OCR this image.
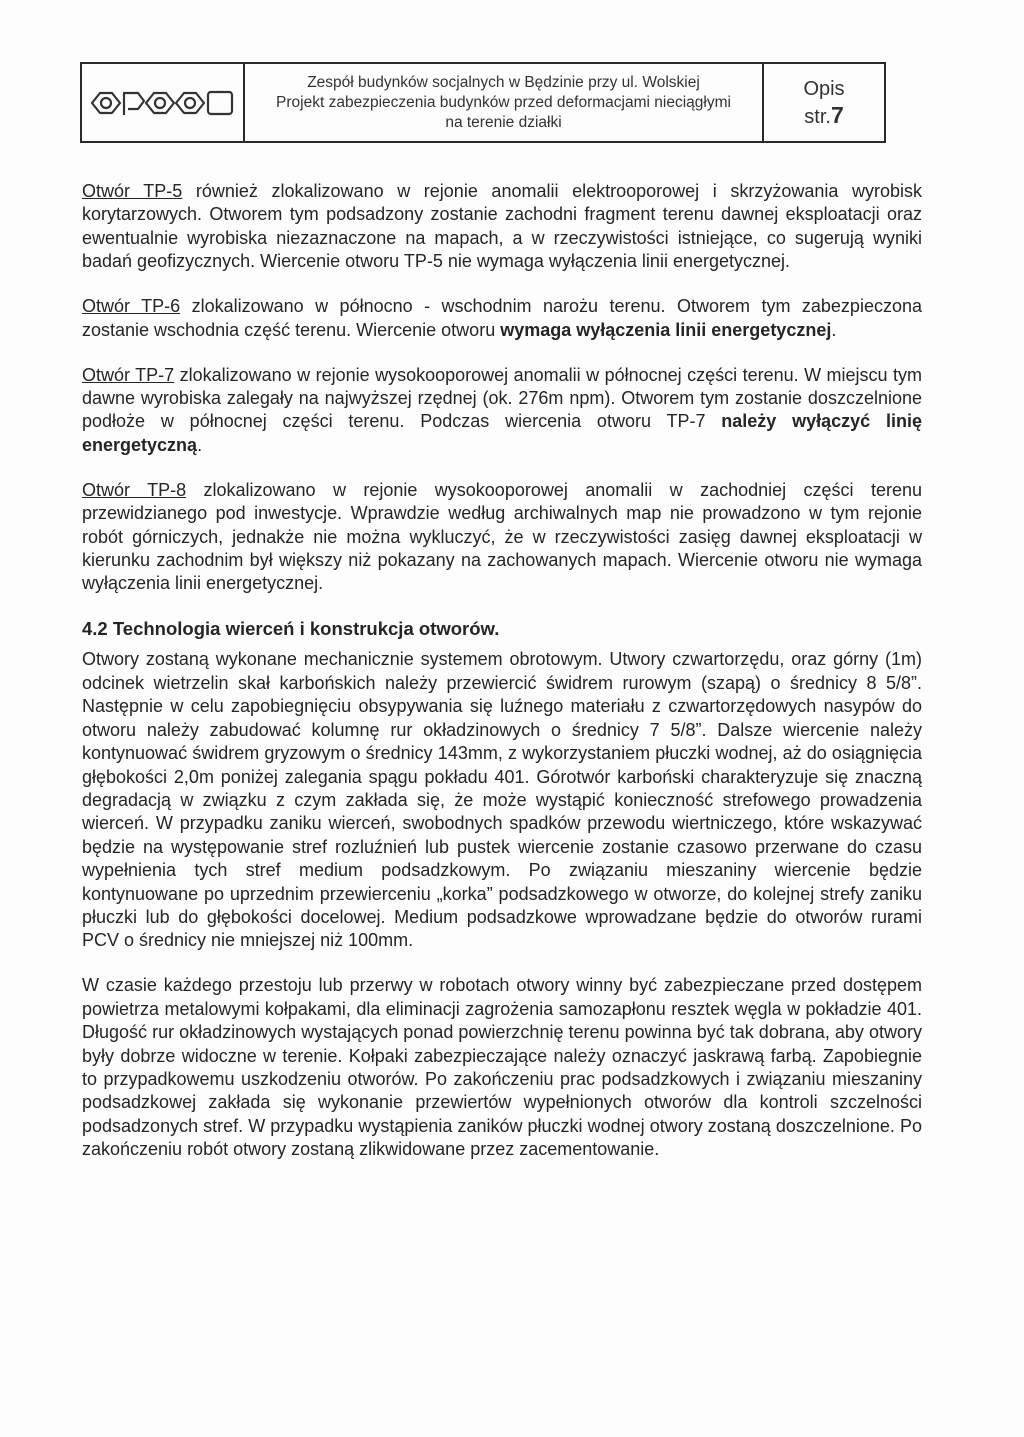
Zespół budynków socjalnych w Będzinie przy ul. Wolskiej
Projekt zabezpieczenia budynków przed deformacjami nieciągłymi
na terenie działki
Opis
str.7

Otwór TP-5 również zlokalizowano w rejonie anomalii elektrooporowej i skrzyżowania wyrobisk korytarzowych. Otworem tym podsadzony zostanie zachodni fragment terenu dawnej eksploatacji oraz ewentualnie wyrobiska niezaznaczone na mapach, a w rzeczywistości istniejące, co sugerują wyniki badań geofizycznych. Wiercenie otworu TP-5 nie wymaga wyłączenia linii energetycznej.

Otwór TP-6 zlokalizowano w północno - wschodnim narożu terenu. Otworem tym zabezpieczona zostanie wschodnia część terenu. Wiercenie otworu wymaga wyłączenia linii energetycznej.

Otwór TP-7 zlokalizowano w rejonie wysokooporowej anomalii w północnej części terenu. W miejscu tym dawne wyrobiska zalegały na najwyższej rzędnej (ok. 276m npm). Otworem tym zostanie doszczelnione podłoże w północnej części terenu. Podczas wiercenia otworu TP-7 należy wyłączyć linię energetyczną.

Otwór TP-8 zlokalizowano w rejonie wysokooporowej anomalii w zachodniej części terenu przewidzianego pod inwestycje. Wprawdzie według archiwalnych map nie prowadzono w tym rejonie robót górniczych, jednakże nie można wykluczyć, że w rzeczywistości zasięg dawnej eksploatacji w kierunku zachodnim był większy niż pokazany na zachowanych mapach. Wiercenie otworu nie wymaga wyłączenia linii energetycznej.

4.2 Technologia wierceń i konstrukcja otworów.

Otwory zostaną wykonane mechanicznie systemem obrotowym. Utwory czwartorzędu, oraz górny (1m) odcinek wietrzelin skał karbońskich należy przewiercić świdrem rurowym (szapą) o średnicy 8 5/8”. Następnie w celu zapobiegnięciu obsypywania się luźnego materiału z czwartorzędowych nasypów do otworu należy zabudować kolumnę rur okładzinowych o średnicy 7 5/8”. Dalsze wiercenie należy kontynuować świdrem gryzowym o średnicy 143mm, z wykorzystaniem płuczki wodnej, aż do osiągnięcia głębokości 2,0m poniżej zalegania spągu pokładu 401. Górotwór karboński charakteryzuje się znaczną degradacją w związku z czym zakłada się, że może wystąpić konieczność strefowego prowadzenia wierceń. W przypadku zaniku wierceń, swobodnych spadków przewodu wiertniczego, które wskazywać będzie na występowanie stref rozluźnień lub pustek wiercenie zostanie czasowo przerwane do czasu wypełnienia tych stref medium podsadzkowym. Po związaniu mieszaniny wiercenie będzie kontynuowane po uprzednim przewierceniu „korka” podsadzkowego w otworze, do kolejnej strefy zaniku płuczki lub do głębokości docelowej. Medium podsadzkowe wprowadzane będzie do otworów rurami PCV o średnicy nie mniejszej niż 100mm.

W czasie każdego przestoju lub przerwy w robotach otwory winny być zabezpieczane przed dostępem powietrza metalowymi kołpakami, dla eliminacji zagrożenia samozapłonu resztek węgla w pokładzie 401. Długość rur okładzinowych wystających ponad powierzchnię terenu powinna być tak dobrana, aby otwory były dobrze widoczne w terenie. Kołpaki zabezpieczające należy oznaczyć jaskrawą farbą. Zapobiegnie to przypadkowemu uszkodzeniu otworów. Po zakończeniu prac podsadzkowych i związaniu mieszaniny podsadzkowej zakłada się wykonanie przewiertów wypełnionych otworów dla kontroli szczelności podsadzonych stref. W przypadku wystąpienia zaników płuczki wodnej otwory zostaną doszczelnione. Po zakończeniu robót otwory zostaną zlikwidowane przez zacementowanie.
